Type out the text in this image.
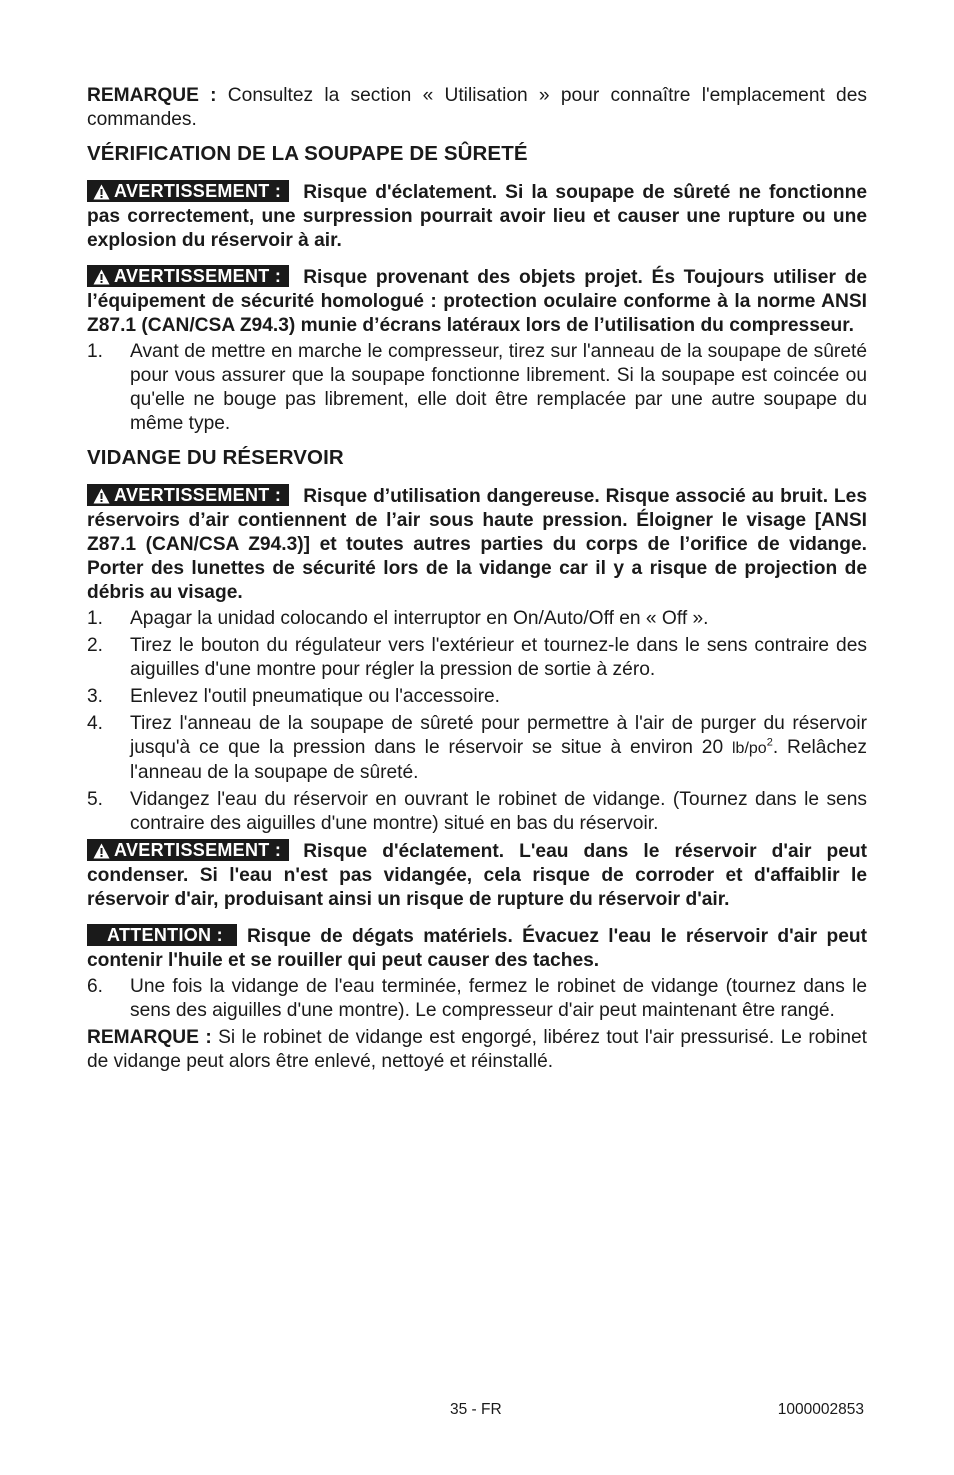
REMARQUE : Consultez la section « Utilisation » pour connaître l'emplacement des commandes.

VÉRIFICATION DE LA SOUPAPE DE SÛRETÉ

AVERTISSEMENT : Risque d'éclatement. Si la soupape de sûreté ne fonctionne pas correctement, une surpression pourrait avoir lieu et causer une rupture ou une explosion du réservoir à air.

AVERTISSEMENT : Risque provenant des objets projet. És Toujours utiliser de l’équipement de sécurité homologué : protection oculaire conforme à la norme ANSI Z87.1 (CAN/CSA Z94.3) munie d’écrans latéraux lors de l’utilisation du compresseur.

1. Avant de mettre en marche le compresseur, tirez sur l'anneau de la soupape de sûreté pour vous assurer que la soupape fonctionne librement. Si la soupape est coincée ou qu'elle ne bouge pas librement, elle doit être remplacée par une autre soupape du même type.
VIDANGE DU RÉSERVOIR

AVERTISSEMENT : Risque d’utilisation dangereuse. Risque associé au bruit. Les réservoirs d’air contiennent de l’air sous haute pression. Éloigner le visage [ANSI Z87.1 (CAN/CSA Z94.3)] et toutes autres parties du corps de l’orifice de vidange. Porter des lunettes de sécurité lors de la vidange car il y a risque de projection de débris au visage.

1. Apagar la unidad colocando el interruptor en On/Auto/Off en « Off ».
2. Tirez le bouton du régulateur vers l'extérieur et tournez-le dans le sens contraire des aiguilles d'une montre pour régler la pression de sortie à zéro.
3. Enlevez l'outil pneumatique ou l'accessoire.
4. Tirez l'anneau de la soupape de sûreté pour permettre à l'air de purger du réservoir jusqu'à ce que la pression dans le réservoir se situe à environ 20 $lb/po^2$. Relâchez l'anneau de la soupape de sûreté.
5. Vidangez l'eau du réservoir en ouvrant le robinet de vidange. (Tournez dans le sens contraire des aiguilles d'une montre) situé en bas du réservoir.

AVERTISSEMENT : Risque d'éclatement. L'eau dans le réservoir d'air peut condenser. Si l'eau n'est pas vidangée, cela risque de corroder et d'affaiblir le réservoir d'air, produisant ainsi un risque de rupture du réservoir d'air.

ATTENTION : Risque de dégats matériels. Évacuez l'eau le réservoir d'air peut contenir l'huile et se rouiller qui peut causer des taches.

6. Une fois la vidange de l'eau terminée, fermez le robinet de vidange (tournez dans le sens des aiguilles d'une montre). Le compresseur d'air peut maintenant être rangé.

REMARQUE : Si le robinet de vidange est engorgé, libérez tout l'air pressurisé. Le robinet de vidange peut alors être enlevé, nettoyé et réinstallé.

35 - FR	1000002853
